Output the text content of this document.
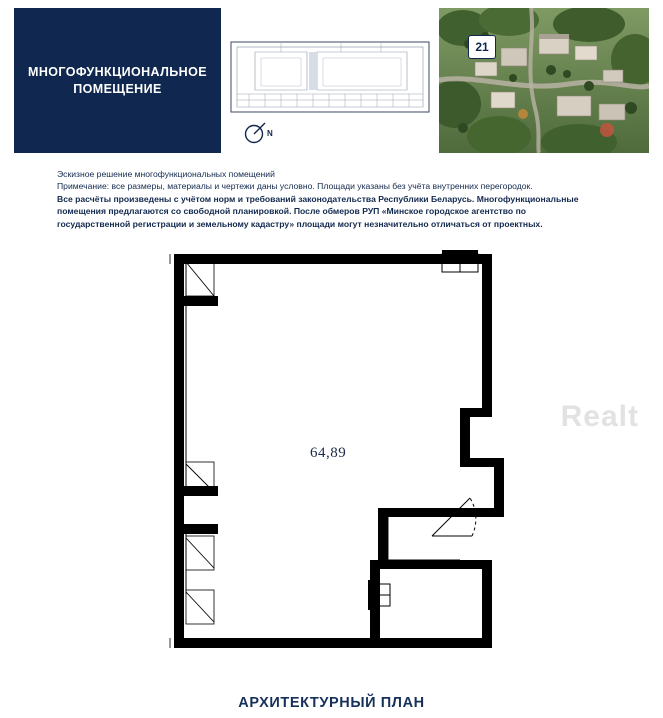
МНОГОФУНКЦИОНАЛЬНОЕ ПОМЕЩЕНИЕ
N
21
Эскизное решение многофункциональных помещений
Примечание: все размеры, материалы и чертежи даны условно. Площади указаны без учёта внутренних перегородок.
Все расчёты произведены с учётом норм и требований законодательства Республики Беларусь. Многофункциональные
помещения предлагаются со свободной планировкой. После обмеров РУП «Минское городское агентство по
государственной регистрации и земельному кадастру» площади могут незначительно отличаться от проектных.
64,89
Realt
АРХИТЕКТУРНЫЙ ПЛАН
